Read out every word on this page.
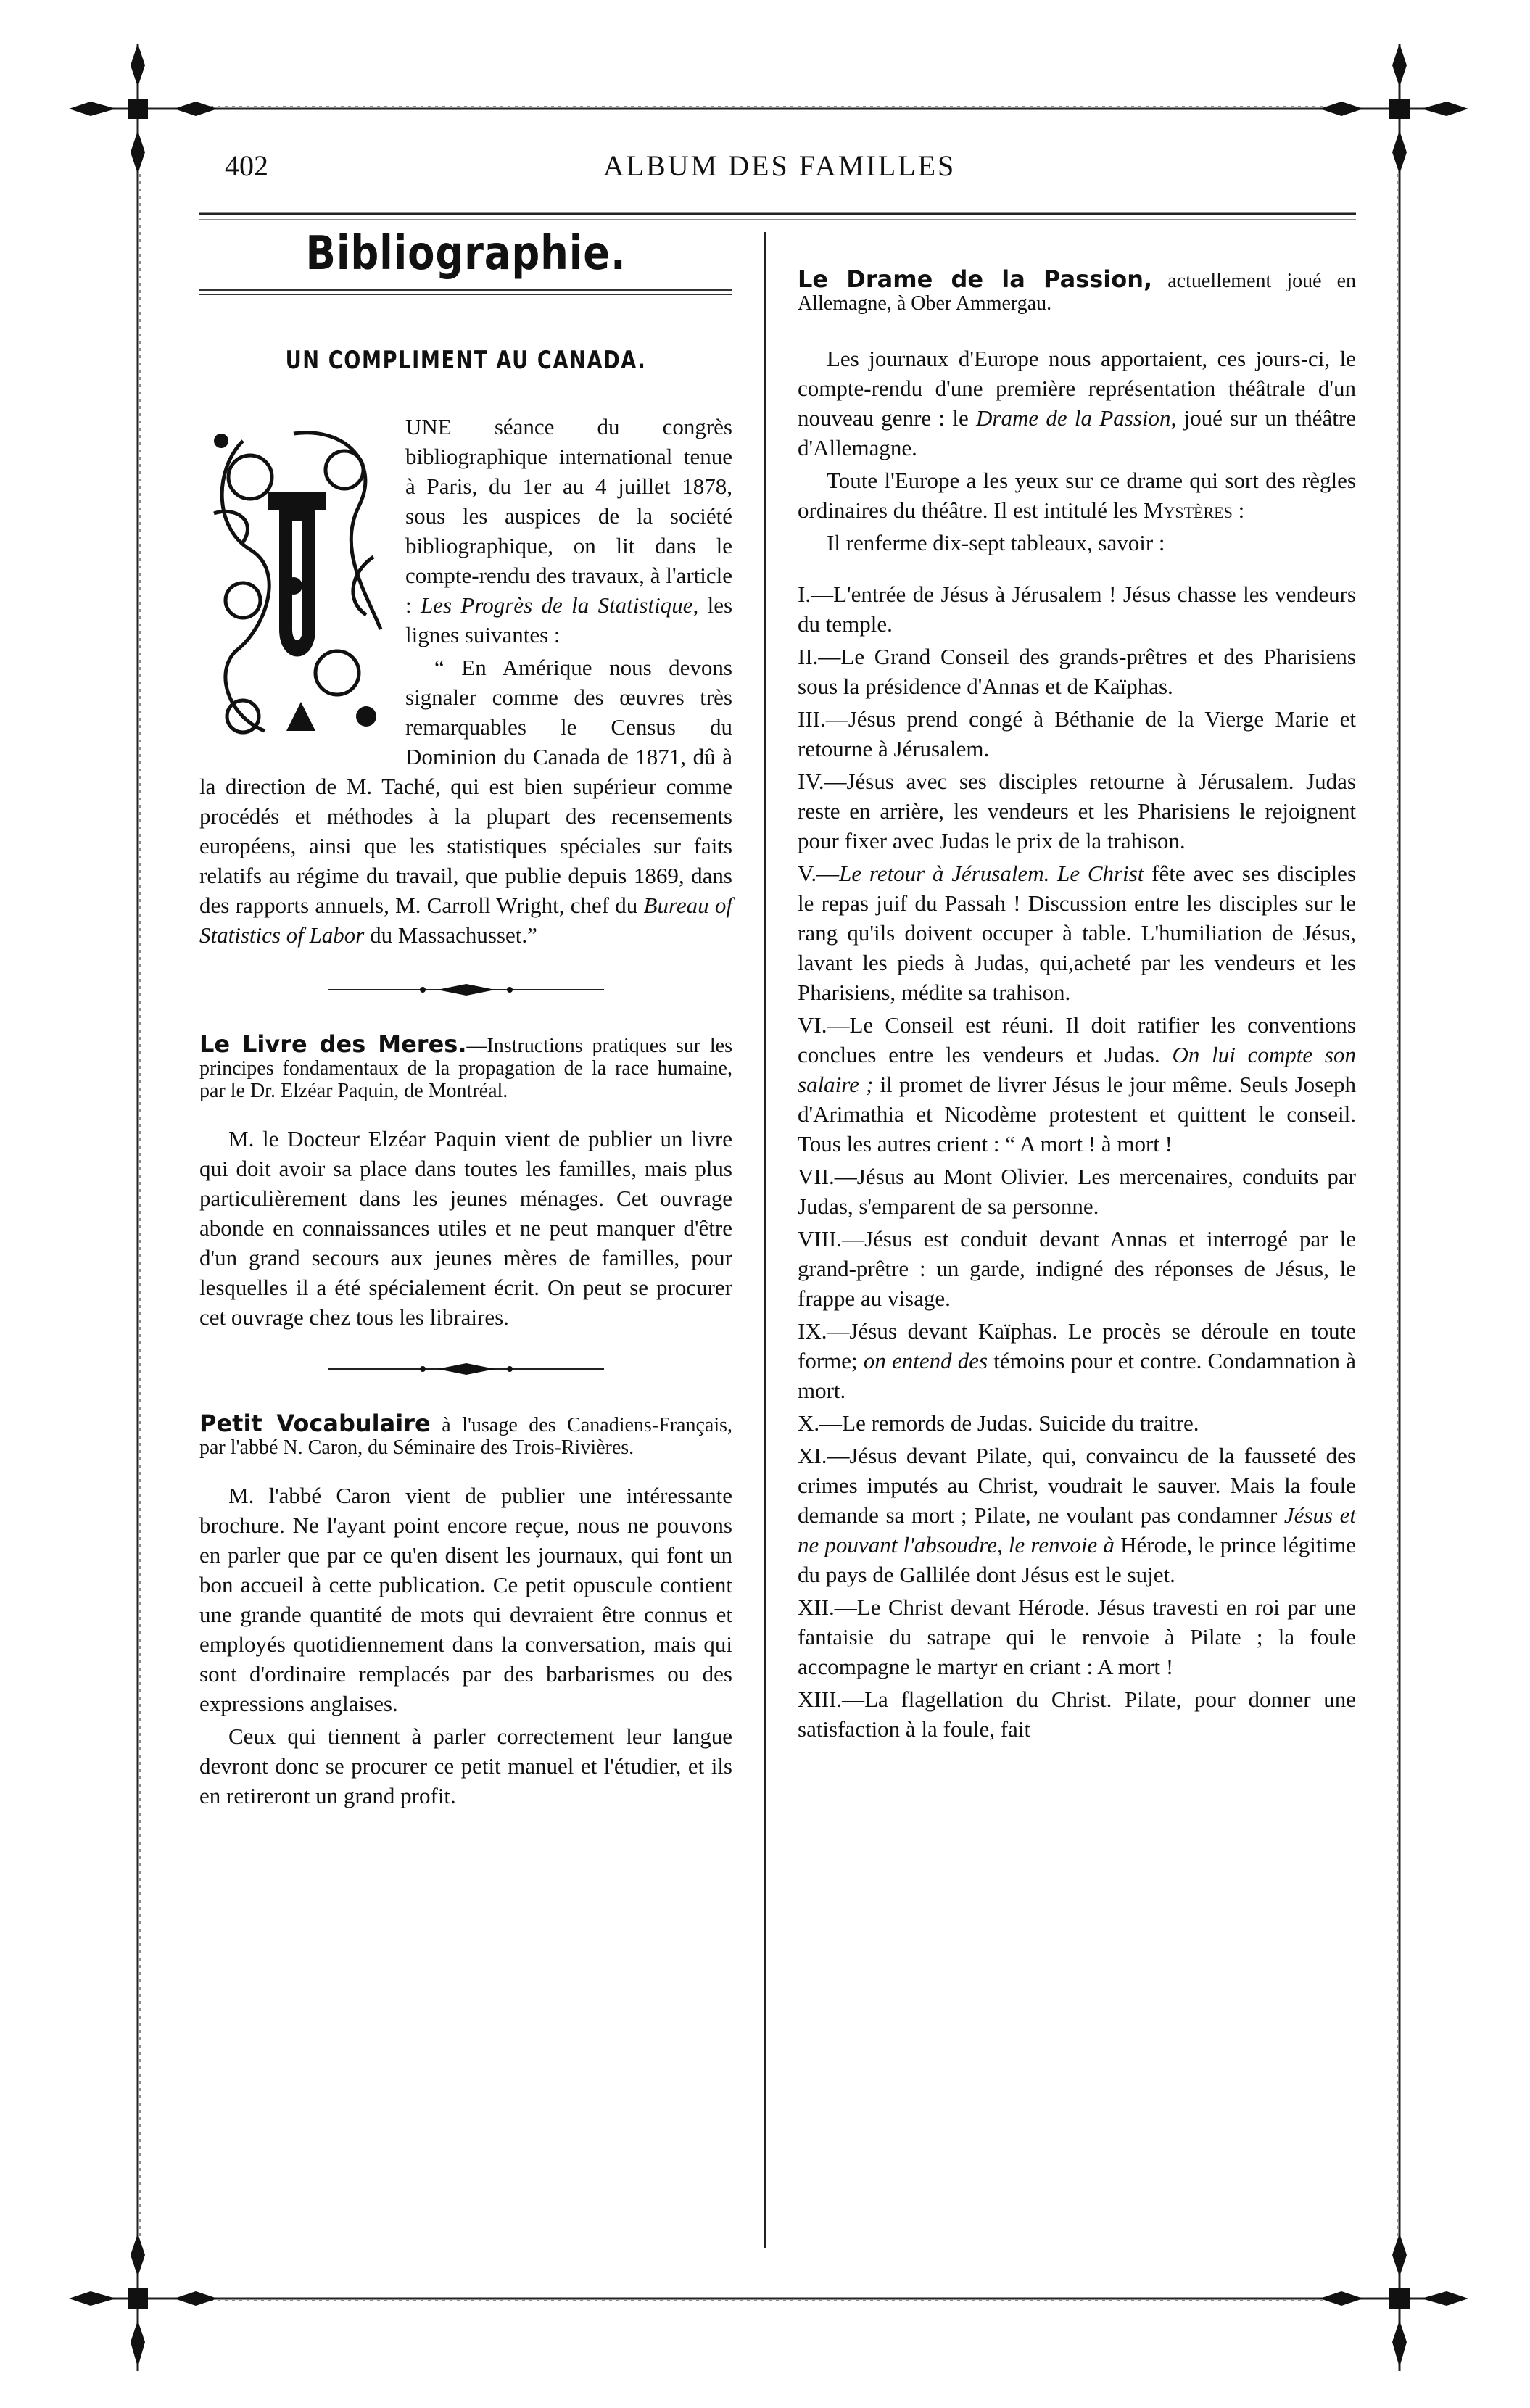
402	ALBUM DES FAMILLES
Bibliographie.
UN COMPLIMENT AU CANADA.

UNE séance du congrès bibliographique international tenue à Paris, du 1er au 4 juillet 1878, sous les auspices de la société bibliographique, on lit dans le compte-rendu des travaux, à l'article : Les Progrès de la Statistique, les lignes suivantes :

“ En Amérique nous devons signaler comme des œuvres très remarquables le Census du Dominion du Canada de 1871, dû à la direction de M. Taché, qui est bien supérieur comme procédés et méthodes à la plupart des recensements européens, ainsi que les statistiques spéciales sur faits relatifs au régime du travail, que publie depuis 1869, dans des rapports annuels, M. Carroll Wright, chef du Bureau of Statistics of Labor du Massachusset.”

Le Livre des Meres.—Instructions pratiques sur les principes fondamentaux de la propagation de la race humaine, par le Dr. Elzéar Paquin, de Montréal.

M. le Docteur Elzéar Paquin vient de publier un livre qui doit avoir sa place dans toutes les familles, mais plus particulièrement dans les jeunes ménages. Cet ouvrage abonde en connaissances utiles et ne peut manquer d'être d'un grand secours aux jeunes mères de familles, pour lesquelles il a été spécialement écrit. On peut se procurer cet ouvrage chez tous les libraires.

Petit Vocabulaire à l'usage des Canadiens-Français, par l'abbé N. Caron, du Séminaire des Trois-Rivières.

M. l'abbé Caron vient de publier une intéressante brochure. Ne l'ayant point encore reçue, nous ne pouvons en parler que par ce qu'en disent les journaux, qui font un bon accueil à cette publication. Ce petit opuscule contient une grande quantité de mots qui devraient être connus et employés quotidiennement dans la conversation, mais qui sont d'ordinaire remplacés par des barbarismes ou des expressions anglaises.

Ceux qui tiennent à parler correctement leur langue devront donc se procurer ce petit manuel et l'étudier, et ils en retireront un grand profit.

Le Drame de la Passion, actuellement joué en Allemagne, à Ober Ammergau.

Les journaux d'Europe nous apportaient, ces jours-ci, le compte-rendu d'une première représentation théâtrale d'un nouveau genre : le Drame de la Passion, joué sur un théâtre d'Allemagne.

Toute l'Europe a les yeux sur ce drame qui sort des règles ordinaires du théâtre. Il est intitulé les Mystères :

Il renferme dix-sept tableaux, savoir :

I.—L'entrée de Jésus à Jérusalem ! Jésus chasse les vendeurs du temple.

II.—Le Grand Conseil des grands-prêtres et des Pharisiens sous la présidence d'Annas et de Kaïphas.

III.—Jésus prend congé à Béthanie de la Vierge Marie et retourne à Jérusalem.

IV.—Jésus avec ses disciples retourne à Jérusalem. Judas reste en arrière, les vendeurs et les Pharisiens le rejoignent pour fixer avec Judas le prix de la trahison.

V.—Le retour à Jérusalem. Le Christ fête avec ses disciples le repas juif du Passah ! Discussion entre les disciples sur le rang qu'ils doivent occuper à table. L'humiliation de Jésus, lavant les pieds à Judas, qui,acheté par les vendeurs et les Pharisiens, médite sa trahison.

VI.—Le Conseil est réuni. Il doit ratifier les conventions conclues entre les vendeurs et Judas. On lui compte son salaire ; il promet de livrer Jésus le jour même. Seuls Joseph d'Arimathia et Nicodème protestent et quittent le conseil. Tous les autres crient : “ A mort ! à mort !

VII.—Jésus au Mont Olivier. Les mercenaires, conduits par Judas, s'emparent de sa personne.

VIII.—Jésus est conduit devant Annas et interrogé par le grand-prêtre : un garde, indigné des réponses de Jésus, le frappe au visage.

IX.—Jésus devant Kaïphas. Le procès se déroule en toute forme; on entend des témoins pour et contre. Condamnation à mort.

X.—Le remords de Judas. Suicide du traitre.

XI.—Jésus devant Pilate, qui, convaincu de la fausseté des crimes imputés au Christ, voudrait le sauver. Mais la foule demande sa mort ; Pilate, ne voulant pas condamner Jésus et ne pouvant l'absoudre, le renvoie à Hérode, le prince légitime du pays de Gallilée dont Jésus est le sujet.

XII.—Le Christ devant Hérode. Jésus travesti en roi par une fantaisie du satrape qui le renvoie à Pilate ; la foule accompagne le martyr en criant : A mort !

XIII.—La flagellation du Christ. Pilate, pour donner une satisfaction à la foule, fait
